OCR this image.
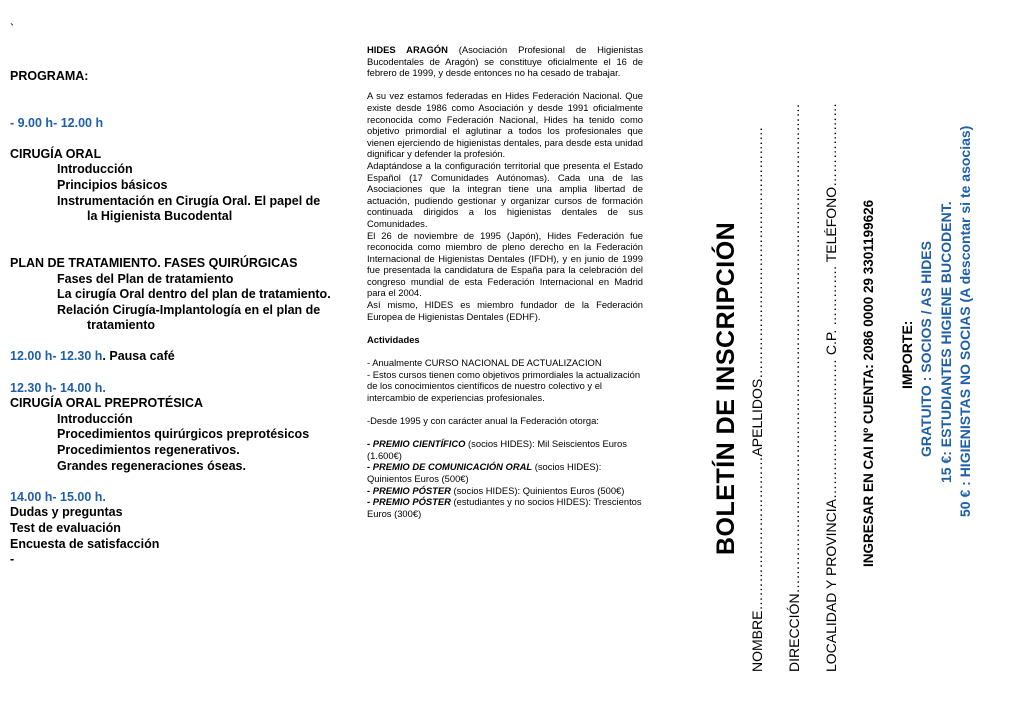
`
PROGRAMA:
- 9.00 h- 12.00 h
CIRUGÍA ORAL
Introducción
Principios básicos
Instrumentación en Cirugía Oral. El papel de
la Higienista Bucodental
PLAN DE TRATAMIENTO. FASES QUIRÚRGICAS
Fases del Plan de tratamiento
La cirugía Oral dentro del plan de tratamiento.
Relación Cirugía-Implantología en el plan de
tratamiento
12.00 h- 12.30 h. Pausa café
12.30 h- 14.00 h.
CIRUGÍA ORAL PREPROTÉSICA
Introducción
Procedimientos quirúrgicos preprotésicos
Procedimientos regenerativos.
Grandes regeneraciones óseas.
14.00 h- 15.00 h.
Dudas y preguntas
Test de evaluación
Encuesta de satisfacción
-

HIDES ARAGÓN (Asociación Profesional de Higienistas Bucodentales de Aragón) se constituye oficialmente el 16 de febrero de 1999, y desde entonces no ha cesado de trabajar.

A su vez estamos federadas en Hides Federación Nacional. Que existe desde 1986 como Asociación y desde 1991 oficialmente reconocida como Federación Nacional, Hides ha tenido como objetivo primordial el aglutinar a todos los profesionales que vienen ejerciendo de higienistas dentales, para desde esta unidad dignificar y defender la profesión.

Adaptándose a la configuración territorial que presenta el Estado Español (17 Comunidades Autónomas). Cada una de las Asociaciones que la integran tiene una amplia libertad de actuación, pudiendo gestionar y organizar cursos de formación continuada dirigidos a los higienistas dentales de sus Comunidades.

El 26 de noviembre de 1995 (Japón), Hides Federación fue reconocida como miembro de pleno derecho en la Federación Internacional de Higienistas Dentales (IFDH), y en junio de 1999 fue presentada la candidatura de España para la celebración del congreso mundial de esta Federación Internacional en Madrid para el 2004.

Así mismo, HIDES es miembro fundador de la Federación Europea de Higienistas Dentales (EDHF).

Actividades

- Anualmente CURSO NACIONAL DE ACTUALIZACION

- Estos cursos tienen como objetivos primordiales la actualización de los conocimientos científicos de nuestro colectivo y el intercambio de experiencias profesionales.

-Desde 1995 y con carácter anual la Federación otorga:

- PREMIO CIENTÍFICO (socios HIDES): Mil Seiscientos Euros (1.600€)

- PREMIO DE COMUNICACIÓN ORAL (socios HIDES): Quinientos Euros (500€)

- PREMIO PÓSTER (socios HIDES): Quinientos Euros (500€)

- PREMIO PÓSTER (estudiantes y no socios HIDES): Trescientos Euros (300€)	BOLETÍN DE INSCRIPCIÓN NOMBRE……………………………APELLIDOS……………………………………………… DIRECCIÓN…………………………………………………………………………………………… LOCALIDAD Y PROVINCIA………………………… C.P. …………. TELÉFONO……………… INGRESAR EN CAI Nº CUENTA: 2086 0000 29 3301199626 IMPORTE: GRATUITO : SOCIOS / AS HIDES 15 €: ESTUDIANTES HIGIENE BUCODENT. 50 € : HIGIENISTAS NO SOCIAS (A descontar si te asocias)
